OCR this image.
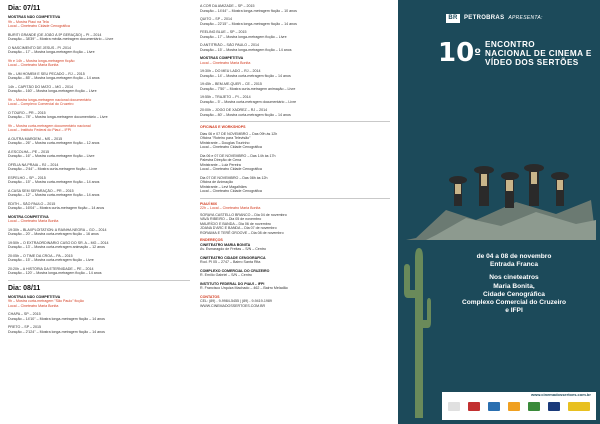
Dia: 07/11
MOSTRAS NÃO COMPETITIVA
9h – Mostra Piauí na Tela
Local – Cineteatro Cidade Cenográfica
BURITI GRANDE (DE JOÃO À 5ª GERAÇÃO) – PI – 2014
Duração – 38'39'' – Mostra média-metragem documentário – Livre
O NASCIMENTO DE JESUS - PI -2014
Duração – 17' – Mostra longa-metragem ficção – Livre
9h e 14h – Mostra longa-metragem ficção
Local – Cineteatro Maria Bonita
9h – UM HOMEM E SEU PECADO – RJ – 2015
Duração – 85' – Mostra longa-metragem ficção – 14 anos
14h – CAPITÃO DO MATO – MG – 2014
Duração – 160' – Mostra longa-metragem ficção – Livre
9h – Mostra longa-metragem nacional documentário
Local – Complexo Comercial do Cruzeiro
O TOURO – PR – 2015
Duração – 78'' – Mostra longa-metragem documentário – Livre
9h – Mostra curta-metragem documentário nacional
Local – Instituto Federal do Piauí – IFPI
A OUTRA MARGEM – MS – 2015
Duração – 26'' – Mostra curta-metragem ficção – 12 anos
À ESCOLHA – PE – 2015
Duração – 16'' – Mostra curta-metragem ficção – Livre
OFÉLIA NA PRAIA – RJ – 2014
Duração – 2'44'' – Mostra curta-metragem ficção – Livre
ESPELHO – SP – 2015
Duração – 15'' – Mostra curta-metragem ficção – 14 anos
A CASA SEM SEPARAÇÃO – PR – 2015
Duração – 12'' – Mostra curta-metragem ficção – 14 anos
EDITH – SÃO PAULO – 2015
Duração – 16'04'' – Mostra curta-metragem ficção – 14 anos
MOSTRA COMPETITIVA
Local – Cineteatro Maria Bonita
19:30h – BLAXPLOITATION: A RAINHA NEGRA – GO – 2014
Duração – 20' – Mostra curta-metragem ficção – 16 anos
19:50h – O EXTRAORDINÁRIO CASO DO SR. A – MG – 2014
Duração – 13' – Mostra curta-metragem animação – 12 anos
20:05h – O TIME DA CROA – PA – 2015
Duração – 15' – Mostra curta-metragem ficção – Livre
20:20h – A HISTÓRIA DA ETERNIDADE – PE – 2014
Duração – 120' – Mostra longa-metragem ficção – 14 anos
Dia: 08/11
MOSTRAS NÃO COMPETITIVA
9h – Mostra curta-metragem "São Paulo" ficção
Local – Cineteatro Maria Bonita
CHAPA – SP – 2015
Duração – 14'10'' – Mostra longa-metragem ficção – 14 anos
PRETO – SP – 2015
Duração – 2'124'' – Mostra longa-metragem ficção – 14 anos
A COR DA AMIZADE – SP – 2015
Duração – 14'44'' – Mostra longa-metragem ficção – 10 anos
QUITO – SP – 2014
Duração – 22'15'' – Mostra longa-metragem ficção – 14 anos
FEELING BLUE – SP – 2015
Duração – 17' – Mostra longa-metragem ficção – Livre
D ANTITRIÃO – SÃO PAULO – 2014
Duração – 15' – Mostra longa-metragem ficção – 14 anos
MOSTRAS COMPETITIVA
Local – Cineteatro Maria Bonita
19:30h – DO MEU LADO – RJ – 2014
Duração – 14' – Mostra curta-metragem ficção – 14 anos
19:45h – BEM-ME-QUER – CE – 2015
Duração – 7'50'' – Mostra curta-metragem animação – Livre
19:55h – TRAJETO – PI – 2014
Duração – 5' – Mostra curta-metragem documentário – Livre
20:00h – JOGO DE XADREZ – RJ – 2014
Duração – 80' – Mostra curta-metragem ficção – 14 anos
OFICINAS E WORKSHOPS
Dias 06 e 07 DE NOVEMBRO – Das 09h às 12h
Oficina "Roteiro para Televisão"
Ministrante – Douglas Tourinho
Local – Cineteatro Cidade Cenográfica
Dia 06 e 07 DE NOVEMBRO – Das 14h às 17h
Palestra Direção de Cena
Ministrante – Luiz Pereira
Local – Cineteatro Cidade Cenográfica
Dia 07 DE NOVEMBRO – Das 08h às 12h
Oficina de Animação
Ministrante – Levi Magalhães
Local – Cineteatro Cidade Cenográfica
PIAUÍ MIX
22h – Local – Cineteatro Maria Bonita
SORAYA CASTELLO BRANCO – Dia 04 de novembro
VAVÁ RIBEIRO – Dia 05 de novembro
MAURÍCIO E BANDA – Dia 06 de novembro
JOANA D'ARC E BANDA – Dia 07 de novembro
RORAIMA E TERÊ GROOVE – Dia 08 de novembro
ENDEREÇOS
CINETEATRO MARIA BONITA
Av. Esmaragdo de Freitas – S/N – Centro
CINETEATRO CIDADE CENOGRÁFICA
Rod. PI 05 – 2747 – Bairro Santa Rita
COMPLEXO COMERCIAL DO CRUZEIRO
R. Emílio Gabriel – S/N – Centro
INSTITUTO FEDERAL DO PIAUÍ – IFPI
R. Francisco Urquiza Machado – 462 – Bairro Meladão
CONTATOS
CEL: (89) - 9-9984-5455 | (89) - 9-9419-1989
WWW.CINEMADOSSERTOES.COM.BR
BR	PETROBRAS APRESENTA:
$10^º$
ENCONTRO
NACIONAL DE CINEMA E
VÍDEO DOS SERTÕES
de 04 a 08 de novembro
Entrada Franca
Nos cineteatros
Maria Bonita,
Cidade Cenográfica
Complexo Comercial do Cruzeiro
e IFPI
www.cinemadossertoes.com.br
